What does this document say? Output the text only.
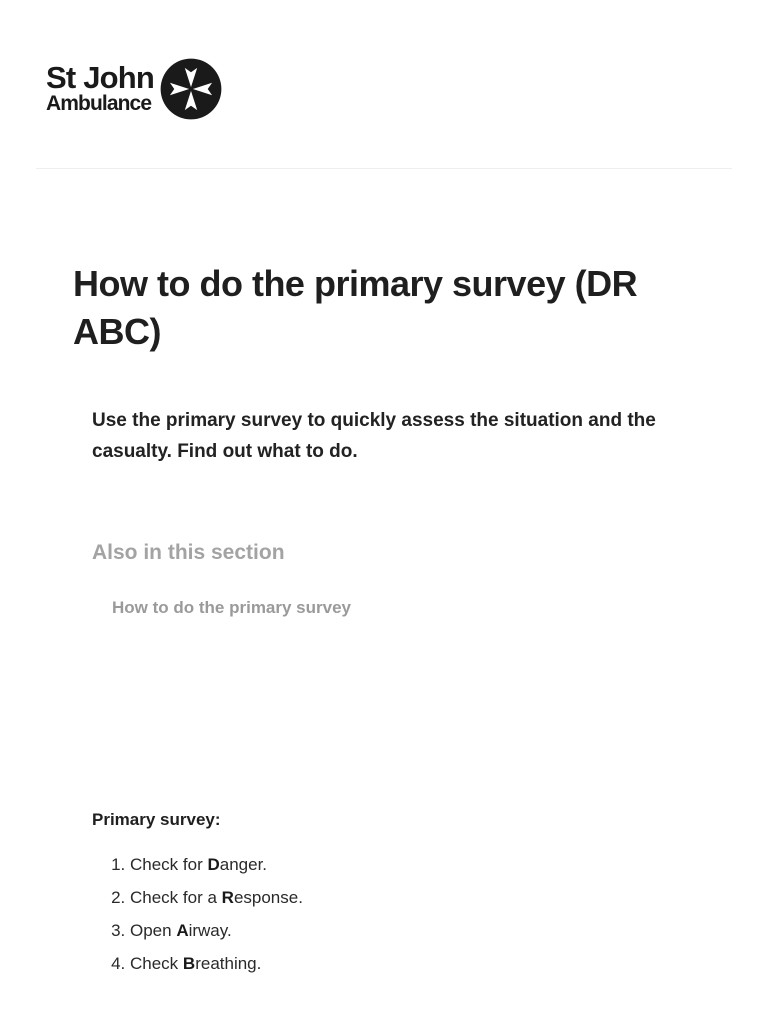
St John
Ambulance
How to do the primary survey (DR ABC)

Use the primary survey to quickly assess the situation and the casualty. Find out what to do.

Also in this section
How to do the primary survey

Primary survey:

1. Check for Danger.
2. Check for a Response.
3. Open Airway.
4. Check Breathing.
